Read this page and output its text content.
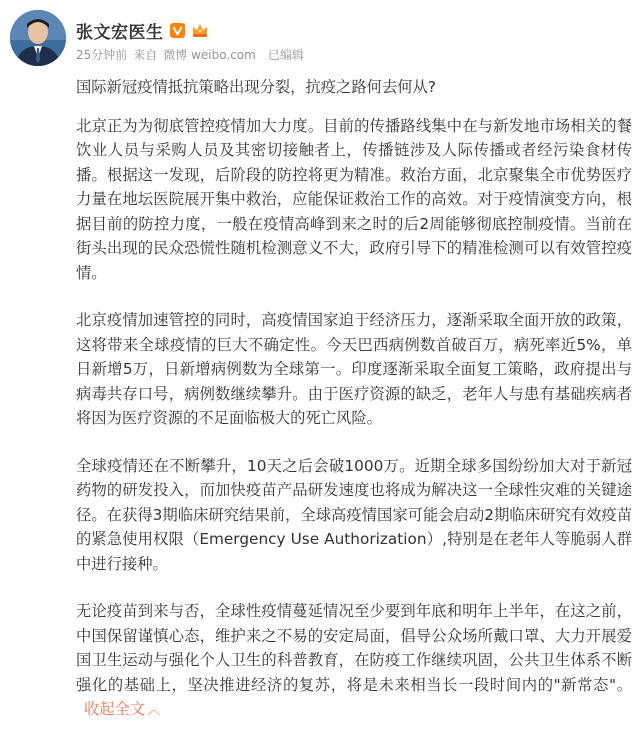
张文宏医生
25分钟前 来自 微博 weibo.com 已编辑

国际新冠疫情抵抗策略出现分裂，抗疫之路何去何从?

北京正为为彻底管控疫情加大力度。目前的传播路线集中在与新发地市场相关的餐饮业人员与采购人员及其密切接触者上，传播链涉及人际传播或者经污染食材传播。根据这一发现，后阶段的防控将更为精准。救治方面，北京聚集全市优势医疗力量在地坛医院展开集中救治，应能保证救治工作的高效。对于疫情演变方向，根据目前的防控力度，一般在疫情高峰到来之时的后2周能够彻底控制疫情。当前在街头出现的民众恐慌性随机检测意义不大，政府引导下的精准检测可以有效管控疫情。

北京疫情加速管控的同时，高疫情国家迫于经济压力，逐渐采取全面开放的政策，这将带来全球疫情的巨大不确定性。今天巴西病例数首破百万，病死率近5%，单日新增5万，日新增病例数为全球第一。印度逐渐采取全面复工策略，政府提出与病毒共存口号，病例数继续攀升。由于医疗资源的缺乏，老年人与患有基础疾病者将因为医疗资源的不足面临极大的死亡风险。

全球疫情还在不断攀升，10天之后会破1000万。近期全球多国纷纷加大对于新冠药物的研发投入，而加快疫苗产品研发速度也将成为解决这一全球性灾难的关键途径。在获得3期临床研究结果前，全球高疫情国家可能会启动2期临床研究有效疫苗的紧急使用权限（Emergency Use Authorization）,特别是在老年人等脆弱人群中进行接种。

无论疫苗到来与否，全球性疫情蔓延情况至少要到年底和明年上半年，在这之前，中国保留谨慎心态，维护来之不易的安定局面，倡导公众场所戴口罩、大力开展爱国卫生运动与强化个人卫生的科普教育，在防疫工作继续巩固，公共卫生体系不断强化的基础上，坚决推进经济的复苏，将是未来相当长一段时间内的"新常态"。收起全文 ︿
